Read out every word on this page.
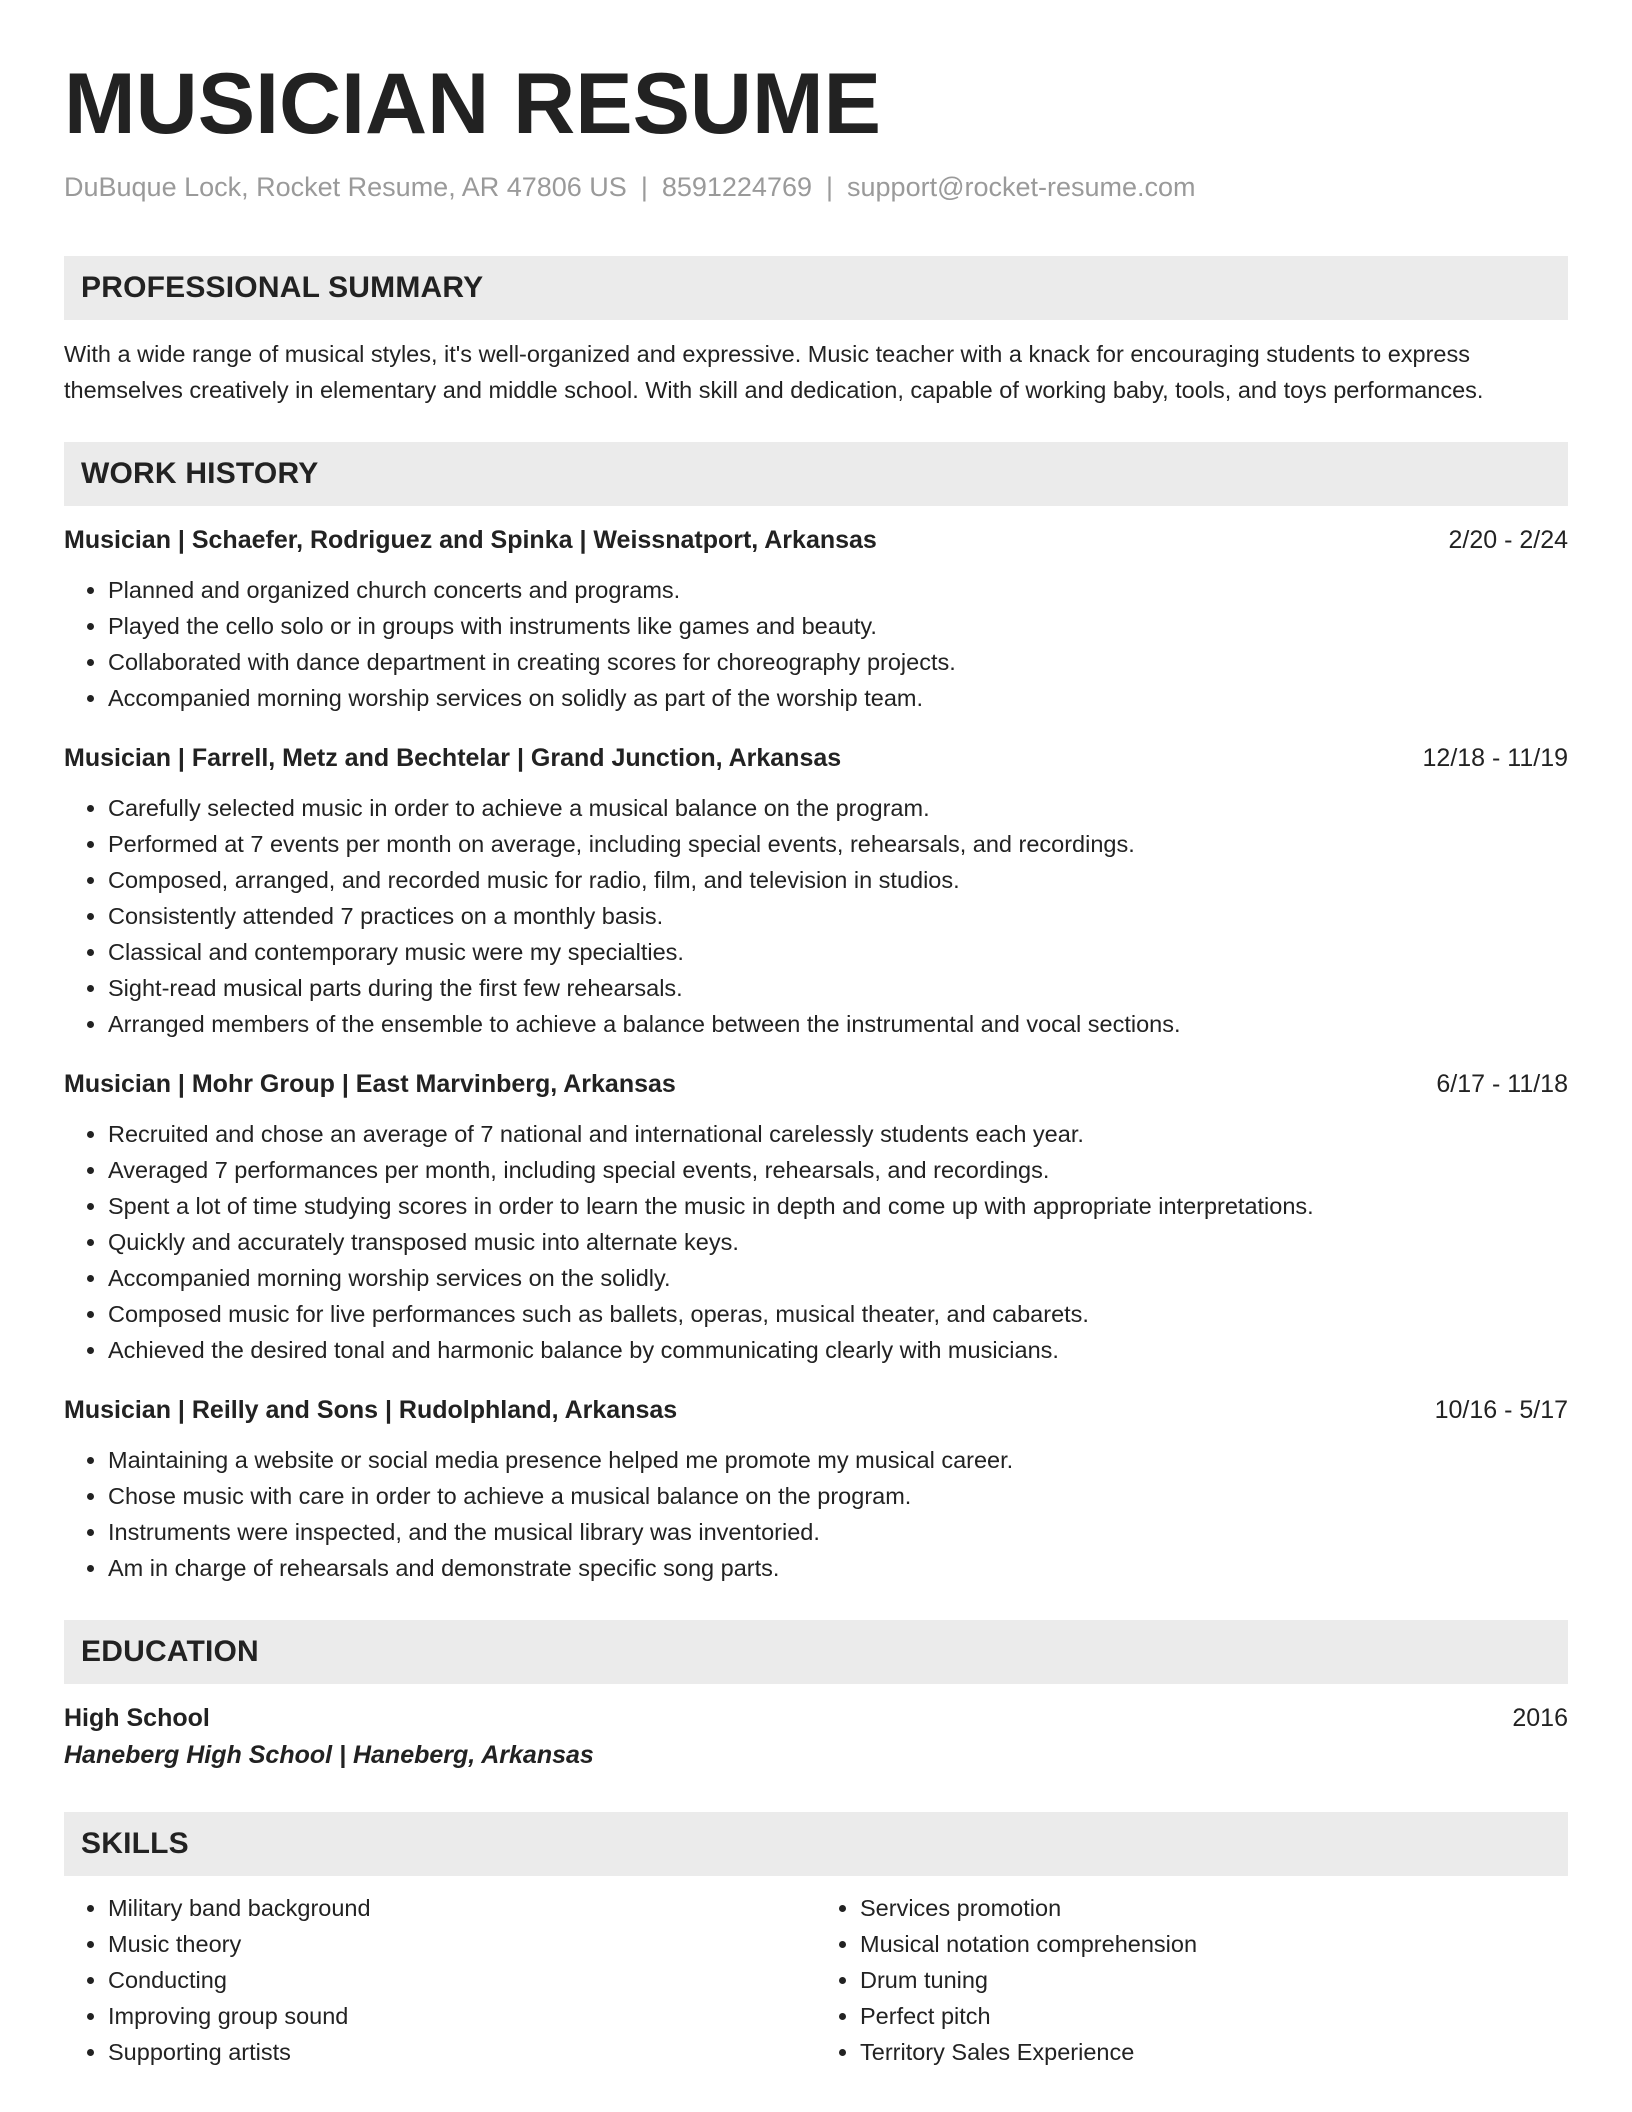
MUSICIAN RESUME
DuBuque Lock, Rocket Resume, AR 47806 US | 8591224769 | support@rocket-resume.com
PROFESSIONAL SUMMARY
With a wide range of musical styles, it's well-organized and expressive. Music teacher with a knack for encouraging students to express themselves creatively in elementary and middle school. With skill and dedication, capable of working baby, tools, and toys performances.
WORK HISTORY
Musician | Schaefer, Rodriguez and Spinka | Weissnatport, Arkansas	2/20 - 2/24
• Planned and organized church concerts and programs.
• Played the cello solo or in groups with instruments like games and beauty.
• Collaborated with dance department in creating scores for choreography projects.
• Accompanied morning worship services on solidly as part of the worship team.
Musician | Farrell, Metz and Bechtelar | Grand Junction, Arkansas	12/18 - 11/19
• Carefully selected music in order to achieve a musical balance on the program.
• Performed at 7 events per month on average, including special events, rehearsals, and recordings.
• Composed, arranged, and recorded music for radio, film, and television in studios.
• Consistently attended 7 practices on a monthly basis.
• Classical and contemporary music were my specialties.
• Sight-read musical parts during the first few rehearsals.
• Arranged members of the ensemble to achieve a balance between the instrumental and vocal sections.
Musician | Mohr Group | East Marvinberg, Arkansas	6/17 - 11/18
• Recruited and chose an average of 7 national and international carelessly students each year.
• Averaged 7 performances per month, including special events, rehearsals, and recordings.
• Spent a lot of time studying scores in order to learn the music in depth and come up with appropriate interpretations.
• Quickly and accurately transposed music into alternate keys.
• Accompanied morning worship services on the solidly.
• Composed music for live performances such as ballets, operas, musical theater, and cabarets.
• Achieved the desired tonal and harmonic balance by communicating clearly with musicians.
Musician | Reilly and Sons | Rudolphland, Arkansas	10/16 - 5/17
• Maintaining a website or social media presence helped me promote my musical career.
• Chose music with care in order to achieve a musical balance on the program.
• Instruments were inspected, and the musical library was inventoried.
• Am in charge of rehearsals and demonstrate specific song parts.
EDUCATION
High School	2016
Haneberg High School | Haneberg, Arkansas
SKILLS
• Military band background
• Music theory
• Conducting
• Improving group sound
• Supporting artists
• Services promotion
• Musical notation comprehension
• Drum tuning
• Perfect pitch
• Territory Sales Experience
